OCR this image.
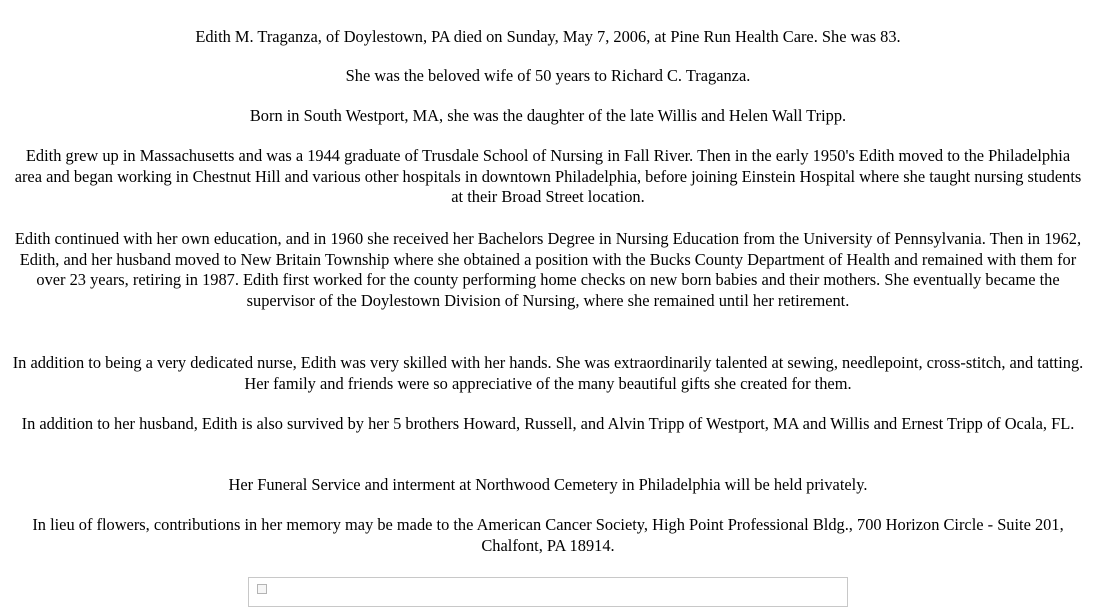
Edith M. Traganza, of Doylestown, PA died on Sunday, May 7, 2006, at Pine Run Health Care. She was 83.

She was the beloved wife of 50 years to Richard C. Traganza.

Born in South Westport, MA, she was the daughter of the late Willis and Helen Wall Tripp.

Edith grew up in Massachusetts and was a 1944 graduate of Trusdale School of Nursing in Fall River. Then in the early 1950's Edith moved to the Philadelphia area and began working in Chestnut Hill and various other hospitals in downtown Philadelphia, before joining Einstein Hospital where she taught nursing students at their Broad Street location.

Edith continued with her own education, and in 1960 she received her Bachelors Degree in Nursing Education from the University of Pennsylvania. Then in 1962, Edith, and her husband moved to New Britain Township where she obtained a position with the Bucks County Department of Health and remained with them for over 23 years, retiring in 1987. Edith first worked for the county performing home checks on new born babies and their mothers. She eventually became the supervisor of the Doylestown Division of Nursing, where she remained until her retirement.

In addition to being a very dedicated nurse, Edith was very skilled with her hands. She was extraordinarily talented at sewing, needlepoint, cross-stitch, and tatting. Her family and friends were so appreciative of the many beautiful gifts she created for them.

In addition to her husband, Edith is also survived by her 5 brothers Howard, Russell, and Alvin Tripp of Westport, MA and Willis and Ernest Tripp of Ocala, FL.

Her Funeral Service and interment at Northwood Cemetery in Philadelphia will be held privately.

In lieu of flowers, contributions in her memory may be made to the American Cancer Society, High Point Professional Bldg., 700 Horizon Circle - Suite 201, Chalfont, PA 18914.
